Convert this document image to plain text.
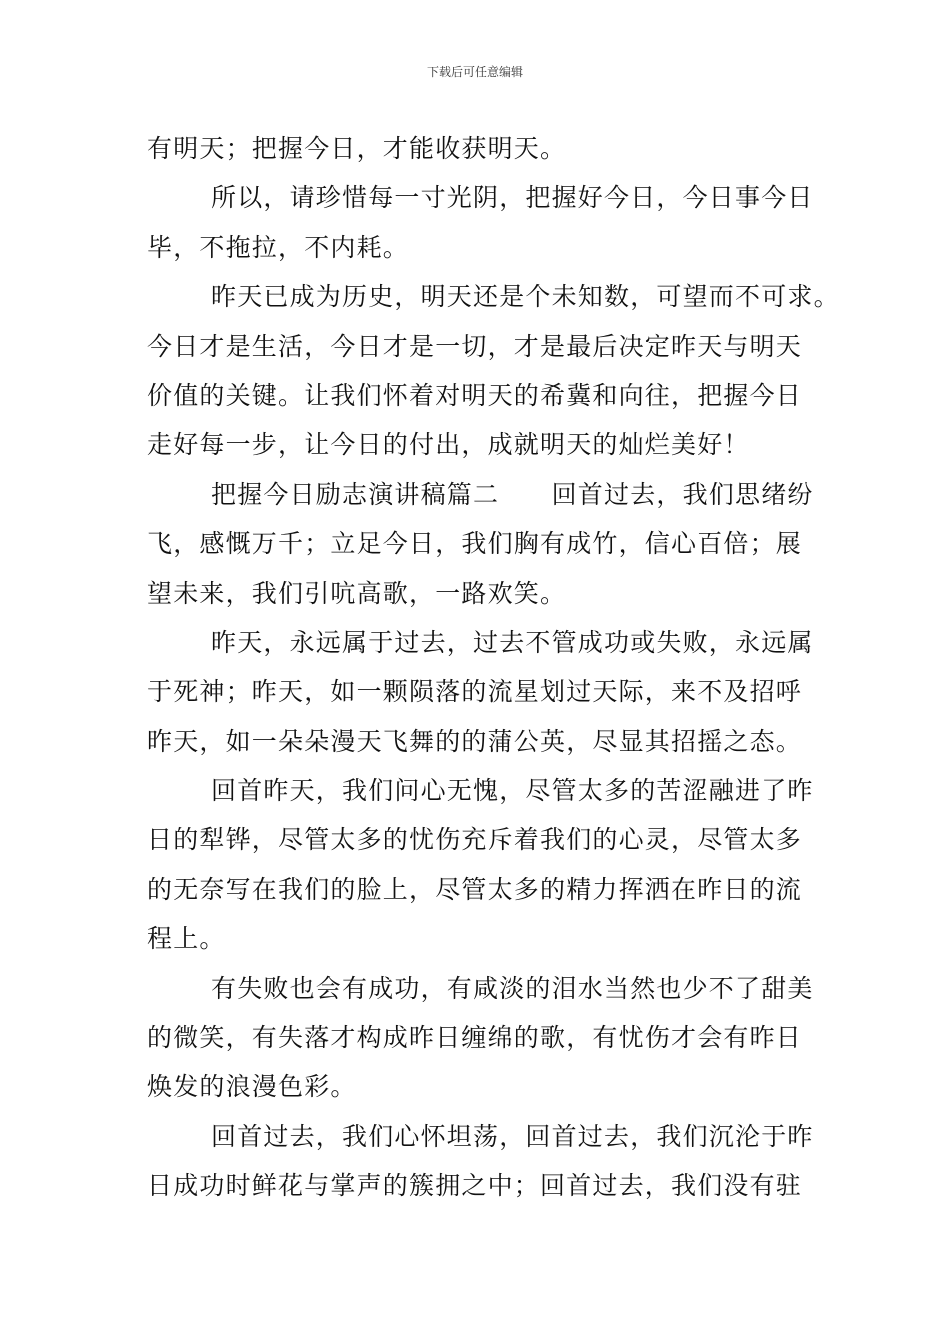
下载后可任意编辑
有明天；把握今日，才能收获明天。
所以，请珍惜每一寸光阴，把握好今日，今日事今日
毕，不拖拉，不内耗。
昨天已成为历史，明天还是个未知数，可望而不可求。
今日才是生活，今日才是一切，才是最后决定昨天与明天
价值的关键。让我们怀着对明天的希冀和向往，把握今日
走好每一步，让今日的付出，成就明天的灿烂美好！
把握今日励志演讲稿篇二　　回首过去，我们思绪纷
飞，感慨万千；立足今日，我们胸有成竹，信心百倍；展
望未来，我们引吭高歌，一路欢笑。
昨天，永远属于过去，过去不管成功或失败，永远属
于死神；昨天，如一颗陨落的流星划过天际，来不及招呼
昨天，如一朵朵漫天飞舞的的蒲公英，尽显其招摇之态。
回首昨天，我们问心无愧，尽管太多的苦涩融进了昨
日的犁铧，尽管太多的忧伤充斥着我们的心灵，尽管太多
的无奈写在我们的脸上，尽管太多的精力挥洒在昨日的流
程上。
有失败也会有成功，有咸淡的泪水当然也少不了甜美
的微笑，有失落才构成昨日缠绵的歌，有忧伤才会有昨日
焕发的浪漫色彩。
回首过去，我们心怀坦荡，回首过去，我们沉沦于昨
日成功时鲜花与掌声的簇拥之中；回首过去，我们没有驻
